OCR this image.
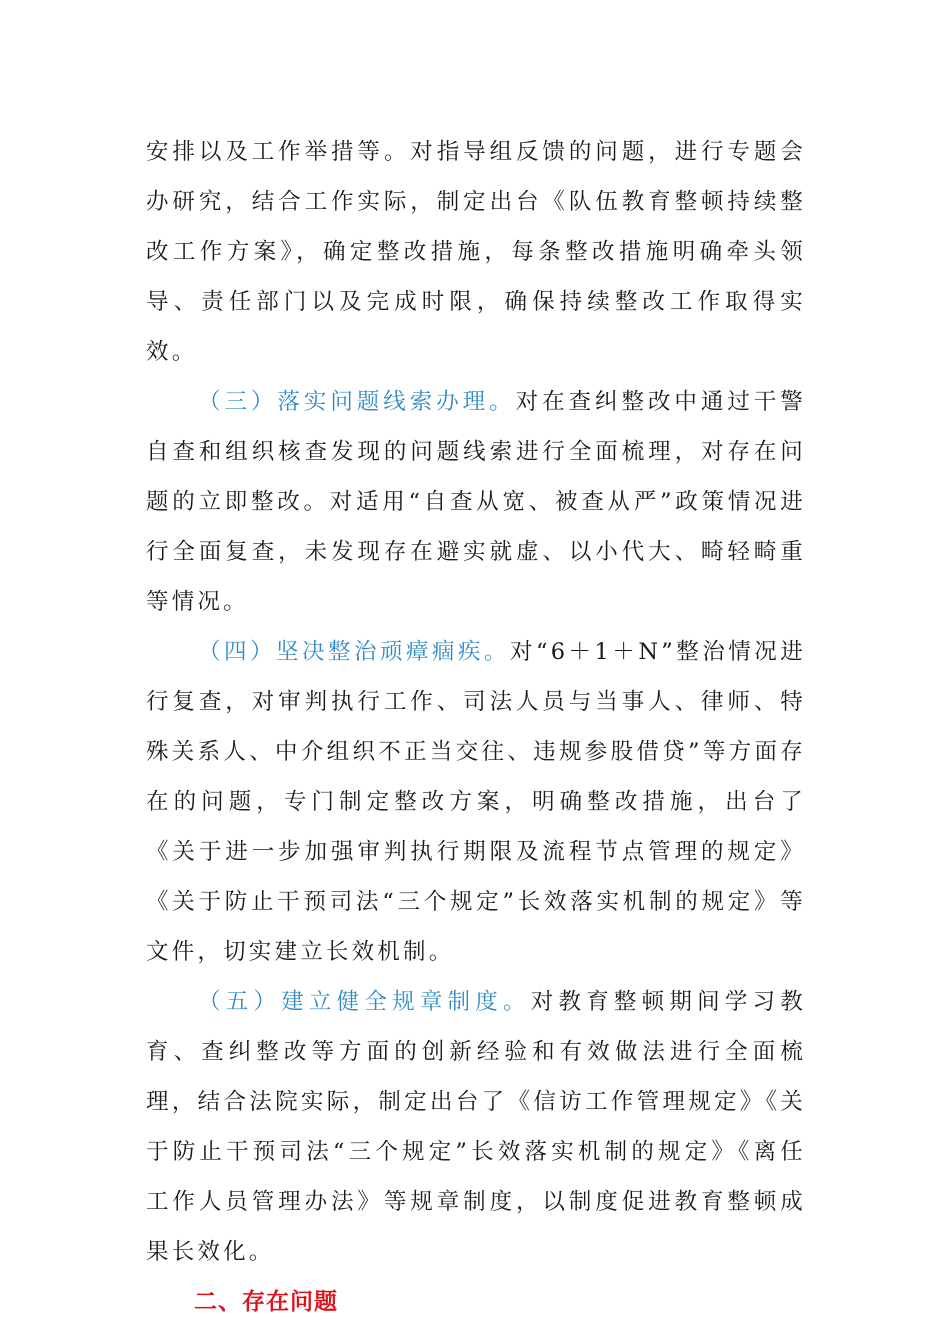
安排以及工作举措等。对指导组反馈的问题，进行专题会办研究，结合工作实际，制定出台《队伍教育整顿持续整改工作方案》，确定整改措施，每条整改措施明确牵头领导、责任部门以及完成时限，确保持续整改工作取得实效。

（三）落实问题线索办理。对在查纠整改中通过干警自查和组织核查发现的问题线索进行全面梳理，对存在问题的立即整改。对适用“自查从宽、被查从严”政策情况进行全面复查，未发现存在避实就虚、以小代大、畸轻畸重等情况。

（四）坚决整治顽瘴痼疾。对“6＋1＋N”整治情况进行复查，对审判执行工作、司法人员与当事人、律师、特殊关系人、中介组织不正当交往、违规参股借贷”等方面存在的问题，专门制定整改方案，明确整改措施，出台了《关于进一步加强审判执行期限及流程节点管理的规定》《关于防止干预司法“三个规定”长效落实机制的规定》等文件，切实建立长效机制。

（五）建立健全规章制度。对教育整顿期间学习教育、查纠整改等方面的创新经验和有效做法进行全面梳理，结合法院实际，制定出台了《信访工作管理规定》《关于防止干预司法“三个规定”长效落实机制的规定》《离任工作人员管理办法》等规章制度，以制度促进教育整顿成果长效化。

二、存在问题
